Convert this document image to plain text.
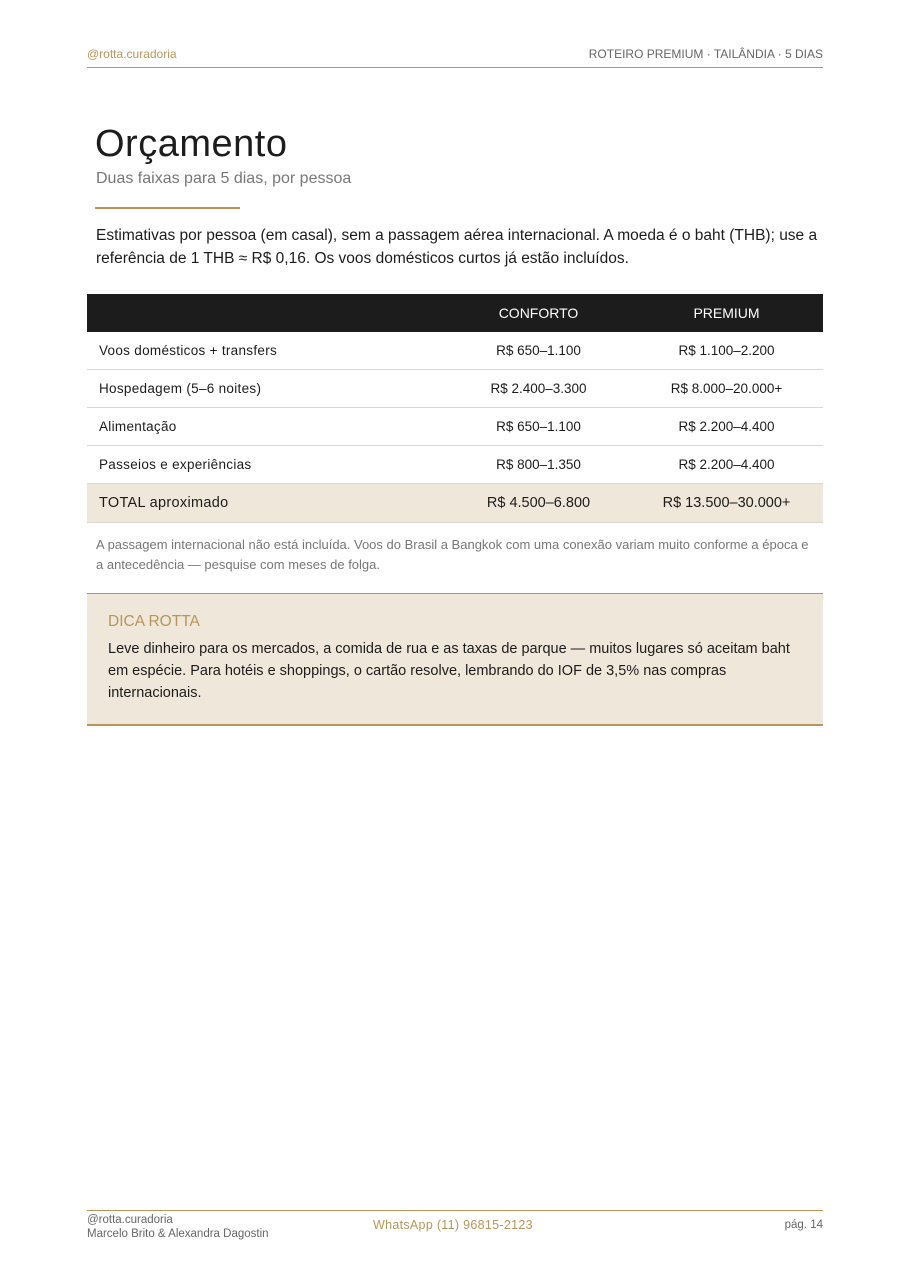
@rotta.curadoria	ROTEIRO PREMIUM · TAILÂNDIA · 5 DIAS
Orçamento
Duas faixas para 5 dias, por pessoa

Estimativas por pessoa (em casal), sem a passagem aérea internacional. A moeda é o baht (THB); use a referência de 1 THB ≈ R$ 0,16. Os voos domésticos curtos já estão incluídos.

	CONFORTO	PREMIUM
Voos domésticos + transfers	R$ 650–1.100	R$ 1.100–2.200
Hospedagem (5–6 noites)	R$ 2.400–3.300	R$ 8.000–20.000+
Alimentação	R$ 650–1.100	R$ 2.200–4.400
Passeios e experiências	R$ 800–1.350	R$ 2.200–4.400
TOTAL aproximado	R$ 4.500–6.800	R$ 13.500–30.000+

A passagem internacional não está incluída. Voos do Brasil a Bangkok com uma conexão variam muito conforme a época e a antecedência — pesquise com meses de folga.

DICA ROTTA

Leve dinheiro para os mercados, a comida de rua e as taxas de parque — muitos lugares só aceitam baht em espécie. Para hotéis e shoppings, o cartão resolve, lembrando do IOF de 3,5% nas compras internacionais.

@rotta.curadoria
Marcelo Brito & Alexandra Dagostin
WhatsApp (11) 96815-2123	pág. 14
